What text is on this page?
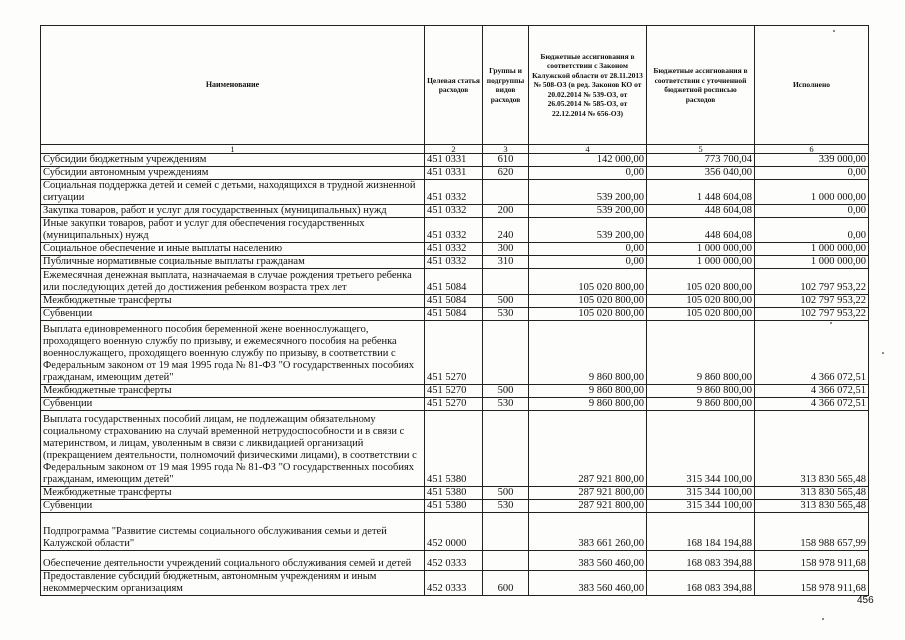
Наименование	Целевая статья расходов	Группы и подгруппы видов расходов	Бюджетные ассигнования в соответствии с Законом Калужской области от 28.11.2013 № 508-ОЗ (в ред. Законов КО от 20.02.2014 № 539-ОЗ, от 26.05.2014 № 585-ОЗ, от 22.12.2014 № 656-ОЗ)	Бюджетные ассигнования в соответствии с уточненной бюджетной росписью расходов	Исполнено
1	2	3	4	5	6
Субсидии бюджетным учреждениям	451 0331	610	142 000,00	773 700,04	339 000,00
Субсидии автономным учреждениям	451 0331	620	0,00	356 040,00	0,00
Социальная поддержка детей и семей с детьми, находящихся в трудной жизненной ситуации	451 0332		539 200,00	1 448 604,08	1 000 000,00
Закупка товаров, работ и услуг для государственных (муниципальных) нужд	451 0332	200	539 200,00	448 604,08	0,00
Иные закупки товаров, работ и услуг для обеспечения государственных (муниципальных) нужд	451 0332	240	539 200,00	448 604,08	0,00
Социальное обеспечение и иные выплаты населению	451 0332	300	0,00	1 000 000,00	1 000 000,00
Публичные нормативные социальные выплаты гражданам	451 0332	310	0,00	1 000 000,00	1 000 000,00
Ежемесячная денежная выплата, назначаемая в случае рождения третьего ребенка или последующих детей до достижения ребенком возраста трех лет	451 5084		105 020 800,00	105 020 800,00	102 797 953,22
Межбюджетные трансферты	451 5084	500	105 020 800,00	105 020 800,00	102 797 953,22
Субвенции	451 5084	530	105 020 800,00	105 020 800,00	102 797 953,22
Выплата единовременного пособия беременной жене военнослужащего, проходящего военную службу по призыву, и ежемесячного пособия на ребенка военнослужащего, проходящего военную службу по призыву, в соответствии с Федеральным законом от 19 мая 1995 года № 81-ФЗ "О государственных пособиях гражданам, имеющим детей"	451 5270		9 860 800,00	9 860 800,00	4 366 072,51
Межбюджетные трансферты	451 5270	500	9 860 800,00	9 860 800,00	4 366 072,51
Субвенции	451 5270	530	9 860 800,00	9 860 800,00	4 366 072,51
Выплата государственных пособий лицам, не подлежащим обязательному социальному страхованию на случай временной нетрудоспособности и в связи с материнством, и лицам, уволенным в связи с ликвидацией организаций (прекращением деятельности, полномочий физическими лицами), в соответствии с Федеральным законом от 19 мая 1995 года № 81-ФЗ "О государственных пособиях гражданам, имеющим детей"	451 5380		287 921 800,00	315 344 100,00	313 830 565,48
Межбюджетные трансферты	451 5380	500	287 921 800,00	315 344 100,00	313 830 565,48
Субвенции	451 5380	530	287 921 800,00	315 344 100,00	313 830 565,48
Подпрограмма "Развитие системы социального обслуживания семьи и детей Калужской области"	452 0000		383 661 260,00	168 184 194,88	158 988 657,99
Обеспечение деятельности учреждений социального обслуживания семей и детей	452 0333		383 560 460,00	168 083 394,88	158 978 911,68
Предоставление субсидий бюджетным, автономным учреждениям и иным некоммерческим организациям	452 0333	600	383 560 460,00	168 083 394,88	158 978 911,68
456
